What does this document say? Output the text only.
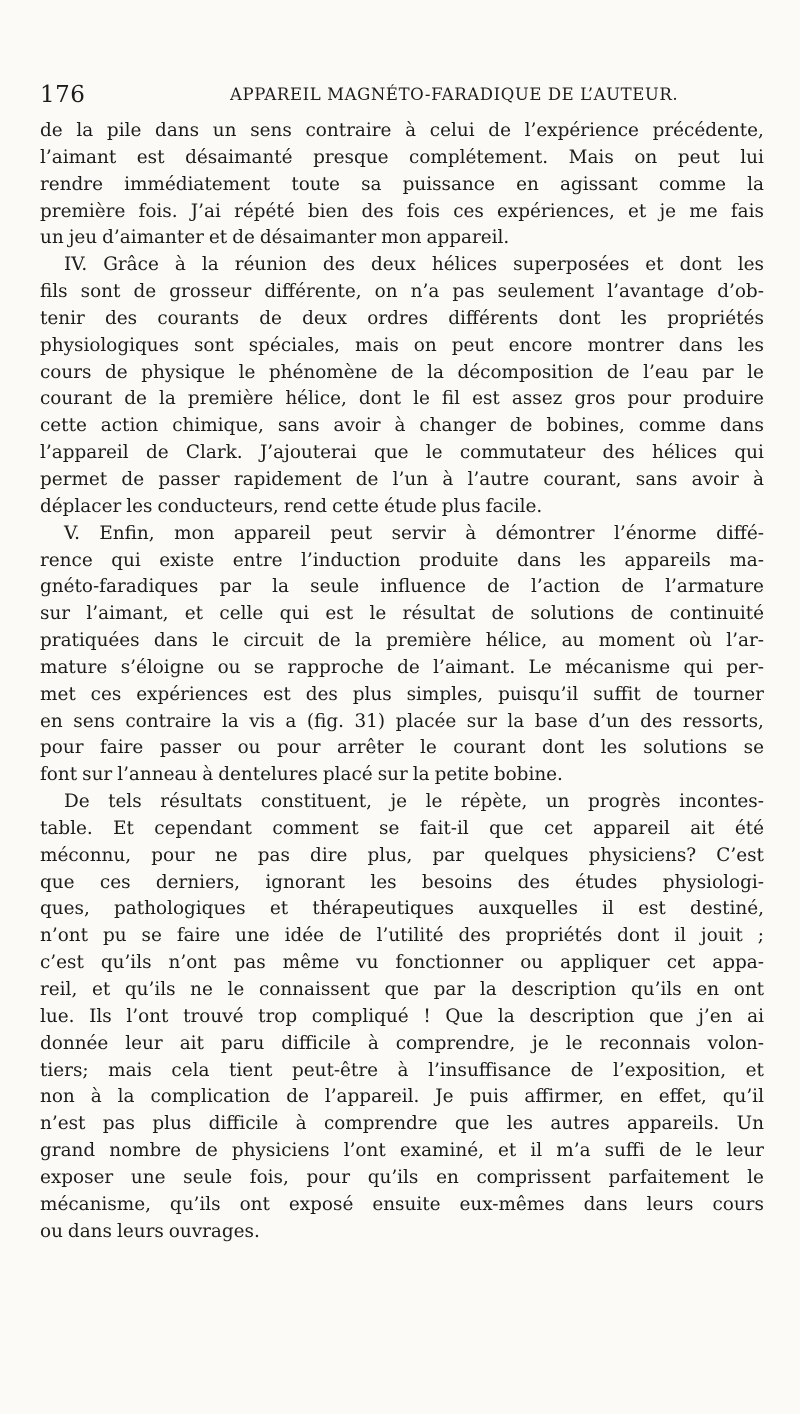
176	APPAREIL MAGNÉTO-FARADIQUE DE L’AUTEUR.
de la pile dans un sens contraire à celui de l’expérience précédente,
l’aimant est désaimanté presque complétement. Mais on peut lui
rendre immédiatement toute sa puissance en agissant comme la
première fois. J’ai répété bien des fois ces expériences, et je me fais
un jeu d’aimanter et de désaimanter mon appareil.
IV. Grâce à la réunion des deux hélices superposées et dont les
fils sont de grosseur différente, on n’a pas seulement l’avantage d’ob-
tenir des courants de deux ordres différents dont les propriétés
physiologiques sont spéciales, mais on peut encore montrer dans les
cours de physique le phénomène de la décomposition de l’eau par le
courant de la première hélice, dont le fil est assez gros pour produire
cette action chimique, sans avoir à changer de bobines, comme dans
l’appareil de Clark. J’ajouterai que le commutateur des hélices qui
permet de passer rapidement de l’un à l’autre courant, sans avoir à
déplacer les conducteurs, rend cette étude plus facile.
V. Enfin, mon appareil peut servir à démontrer l’énorme diffé-
rence qui existe entre l’induction produite dans les appareils ma-
gnéto-faradiques par la seule influence de l’action de l’armature
sur l’aimant, et celle qui est le résultat de solutions de continuité
pratiquées dans le circuit de la première hélice, au moment où l’ar-
mature s’éloigne ou se rapproche de l’aimant. Le mécanisme qui per-
met ces expériences est des plus simples, puisqu’il suffit de tourner
en sens contraire la vis a (fig. 31) placée sur la base d’un des ressorts,
pour faire passer ou pour arrêter le courant dont les solutions se
font sur l’anneau à dentelures placé sur la petite bobine.
De tels résultats constituent, je le répète, un progrès incontes-
table. Et cependant comment se fait-il que cet appareil ait été
méconnu, pour ne pas dire plus, par quelques physiciens? C’est
que ces derniers, ignorant les besoins des études physiologi-
ques, pathologiques et thérapeutiques auxquelles il est destiné,
n’ont pu se faire une idée de l’utilité des propriétés dont il jouit ;
c’est qu’ils n’ont pas même vu fonctionner ou appliquer cet appa-
reil, et qu’ils ne le connaissent que par la description qu’ils en ont
lue. Ils l’ont trouvé trop compliqué ! Que la description que j’en ai
donnée leur ait paru difficile à comprendre, je le reconnais volon-
tiers; mais cela tient peut-être à l’insuffisance de l’exposition, et
non à la complication de l’appareil. Je puis affirmer, en effet, qu’il
n’est pas plus difficile à comprendre que les autres appareils. Un
grand nombre de physiciens l’ont examiné, et il m’a suffi de le leur
exposer une seule fois, pour qu’ils en comprissent parfaitement le
mécanisme, qu’ils ont exposé ensuite eux-mêmes dans leurs cours
ou dans leurs ouvrages.
